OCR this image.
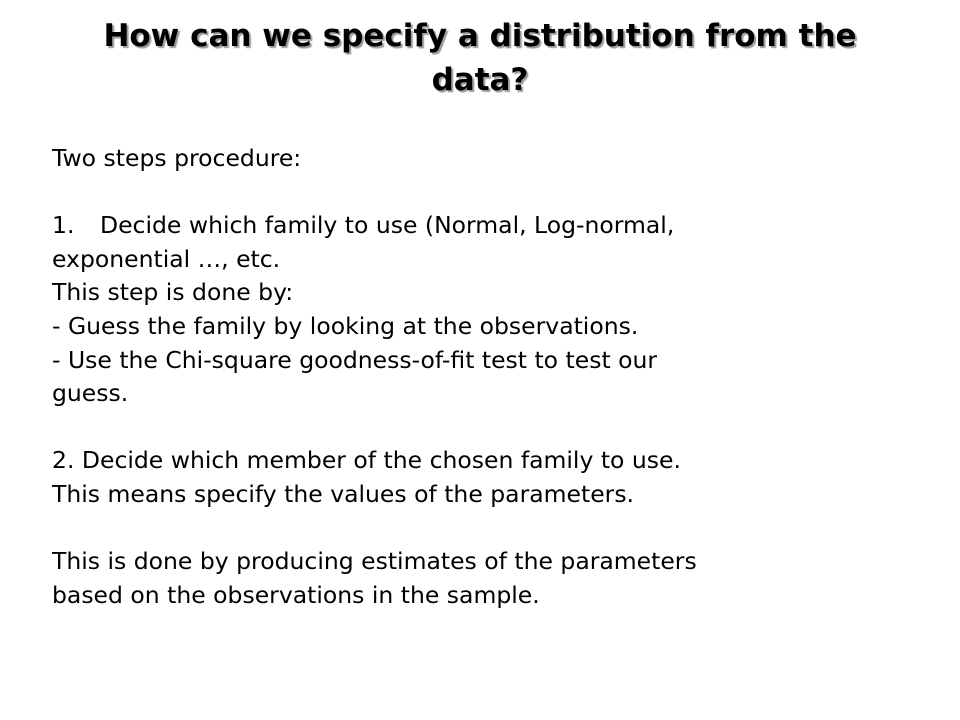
How can we specify a distribution from the
data?
Two steps procedure:
1. Decide which family to use (Normal, Log-normal,
exponential …, etc.
This step is done by:
- Guess the family by looking at the observations.
- Use the Chi-square goodness-of-fit test to test our
guess.
2. Decide which member of the chosen family to use.
This means specify the values of the parameters.
This is done by producing estimates of the parameters
based on the observations in the sample.
